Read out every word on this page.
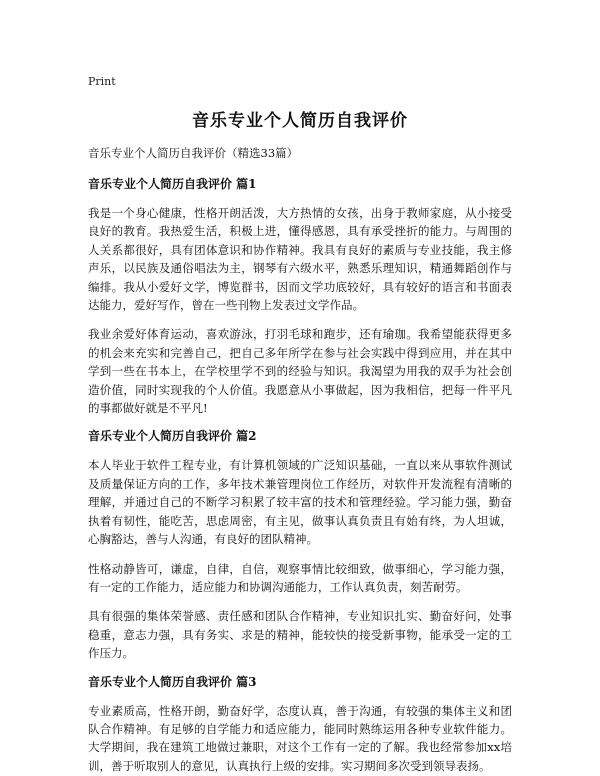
Print
音乐专业个人简历自我评价
音乐专业个人简历自我评价（精选33篇）
音乐专业个人简历自我评价 篇1

我是一个身心健康，性格开朗活泼，大方热情的女孩，出身于教师家庭，从小接受良好的教育。我热爱生活，积极上进，懂得感恩，具有承受挫折的能力。与周围的人关系都很好，具有团体意识和协作精神。我具有良好的素质与专业技能，我主修声乐，以民族及通俗唱法为主，钢琴有六级水平，熟悉乐理知识，精通舞蹈创作与编排。我从小爱好文学，博览群书，因而文学功底较好，具有较好的语言和书面表达能力，爱好写作，曾在一些刊物上发表过文学作品。

我业余爱好体育运动，喜欢游泳，打羽毛球和跑步，还有瑜珈。我希望能获得更多的机会来充实和完善自己，把自己多年所学在参与社会实践中得到应用，并在其中学到一些在书本上，在学校里学不到的经验与知识。我渴望为用我的双手为社会创造价值，同时实现我的个人价值。我愿意从小事做起，因为我相信，把每一件平凡的事都做好就是不平凡!

音乐专业个人简历自我评价 篇2

本人毕业于软件工程专业，有计算机领域的广泛知识基础，一直以来从事软件测试及质量保证方向的工作，多年技术兼管理岗位工作经历，对软件开发流程有清晰的理解，并通过自己的不断学习积累了较丰富的技术和管理经验。学习能力强，勤奋执着有韧性，能吃苦，思虑周密，有主见，做事认真负责且有始有终，为人坦诚，心胸豁达，善与人沟通，有良好的团队精神。

性格动静皆可，谦虚，自律，自信，观察事情比较细致，做事细心，学习能力强，有一定的工作能力，适应能力和协调沟通能力，工作认真负责，刻苦耐劳。

具有很强的集体荣誉感、责任感和团队合作精神，专业知识扎实、勤奋好问，处事稳重，意志力强，具有务实、求是的精神，能较快的接受新事物，能承受一定的工作压力。

音乐专业个人简历自我评价 篇3

专业素质高，性格开朗，勤奋好学，态度认真，善于沟通，有较强的集体主义和团队合作精神。有足够的自学能力和适应能力，能同时熟练运用各种专业软件能力。大学期间，我在建筑工地做过兼职，对这个工作有一定的了解。我也经常参加xx培训，善于听取别人的意见，认真执行上级的安排。实习期间多次受到领导表扬。
